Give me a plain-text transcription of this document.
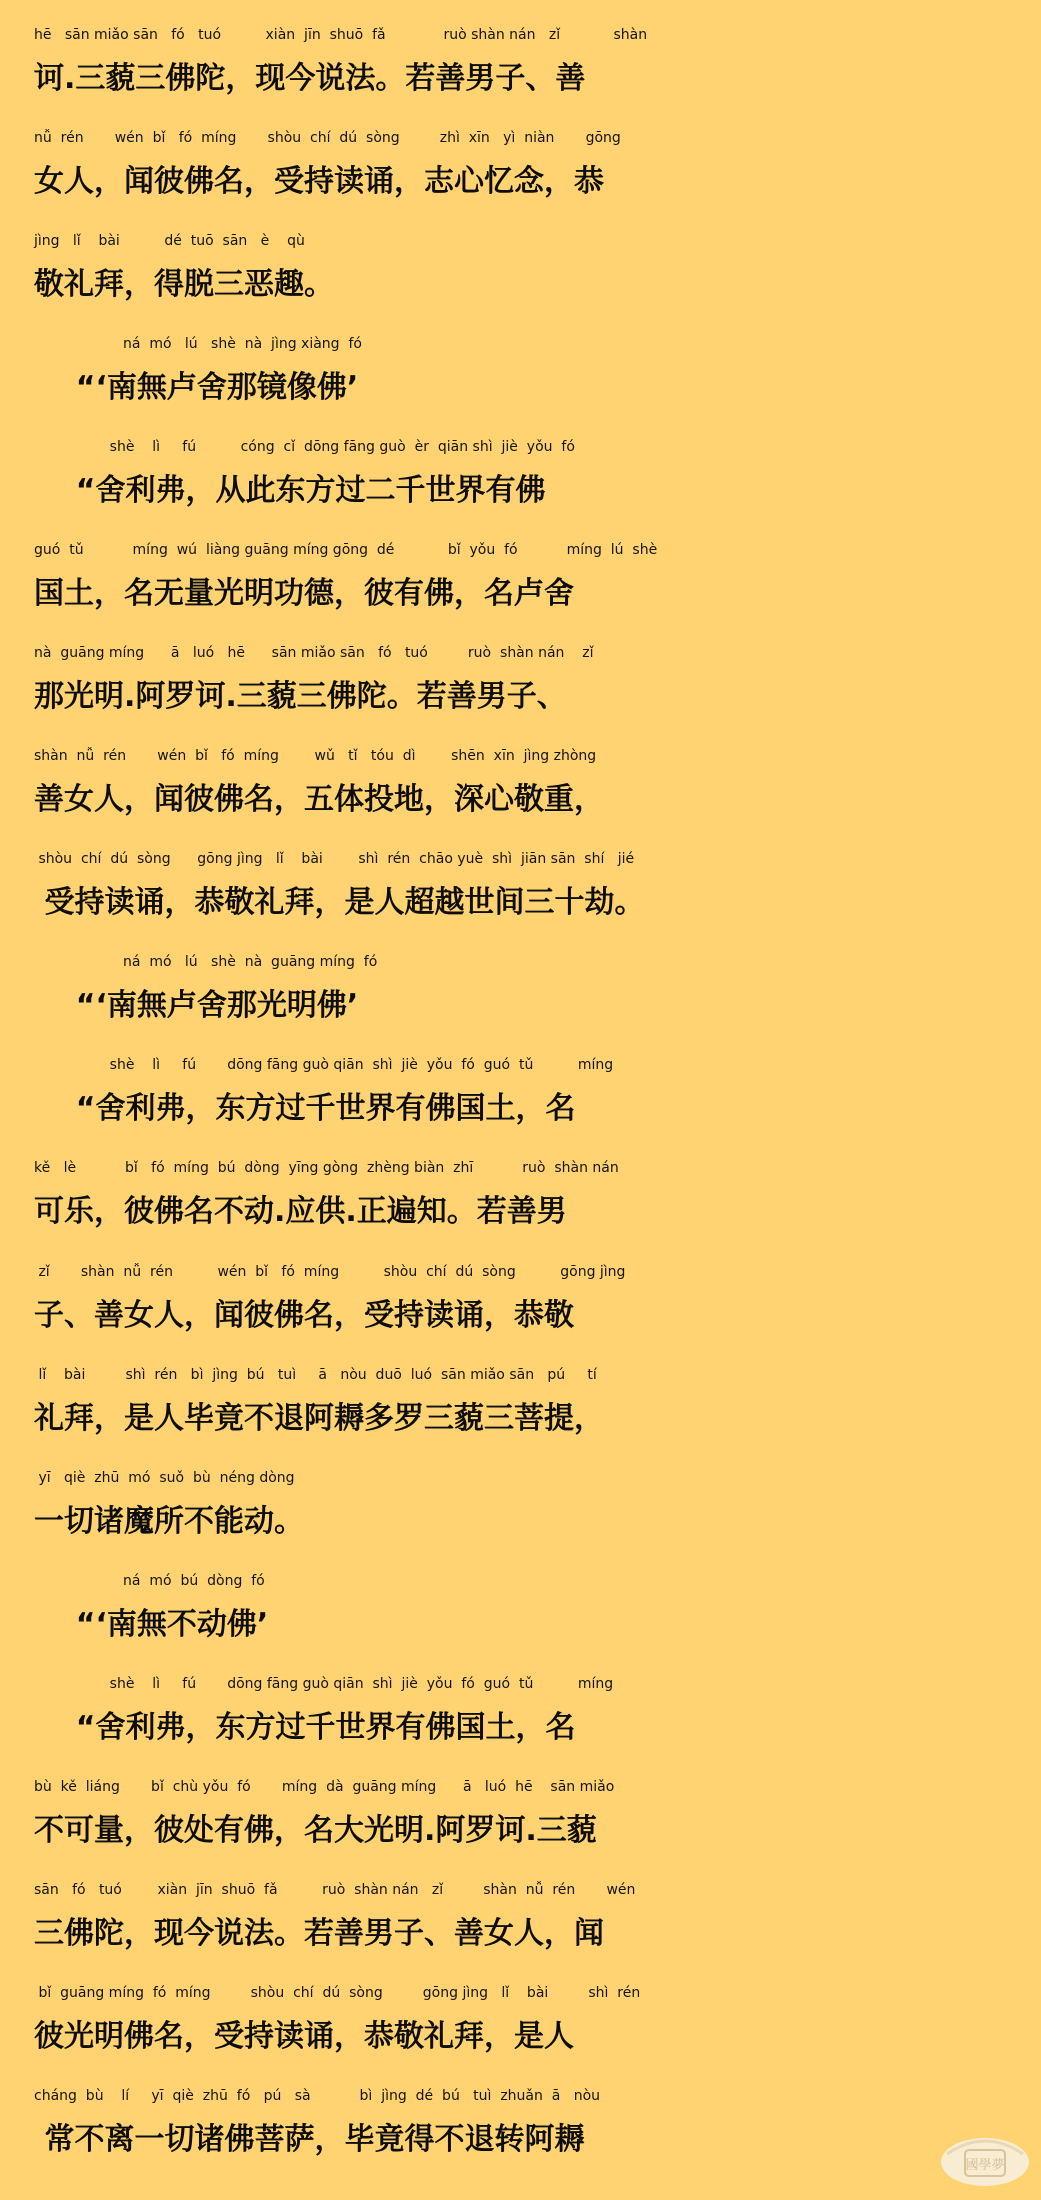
hē   sān miǎo sān   fó   tuó          xiàn  jīn  shuō  fǎ             ruò shàn nán   zǐ            shàn
诃.三藐三佛陀，现今说法。若善男子、善
nǚ  rén       wén  bǐ   fó  míng       shòu  chí  dú  sòng         zhì  xīn   yì  niàn       gōng
女人，闻彼佛名，受持读诵，志心忆念，恭
jìng   lǐ    bài          dé  tuō  sān   è    qù
敬礼拜，得脱三恶趣。
ná  mó   lú   shè  nà  jìng xiàng  fó
“‘南無卢舍那镜像佛’
shè    lì     fú          cóng  cǐ  dōng fāng guò  èr  qiān shì  jiè  yǒu  fó
“舍利弗，从此东方过二千世界有佛
guó  tǔ           míng  wú  liàng guāng míng gōng  dé            bǐ  yǒu  fó           míng  lú  shè
国土，名无量光明功德，彼有佛，名卢舍
nà  guāng míng      ā   luó   hē      sān miǎo sān   fó   tuó         ruò  shàn nán    zǐ
那光明.阿罗诃.三藐三佛陀。若善男子、
shàn  nǚ  rén       wén  bǐ   fó  míng        wǔ   tǐ   tóu  dì        shēn  xīn  jìng zhòng
善女人，闻彼佛名，五体投地，深心敬重，
shòu  chí  dú  sòng      gōng jìng   lǐ    bài        shì  rén  chāo yuè  shì  jiān sān  shí   jié
受持读诵，恭敬礼拜，是人超越世间三十劫。
ná  mó   lú   shè  nà  guāng míng  fó
“‘南無卢舍那光明佛’
shè    lì     fú       dōng fāng guò qiān  shì  jiè  yǒu  fó  guó  tǔ          míng
“舍利弗，东方过千世界有佛国土，名
kě   lè           bǐ   fó  míng  bú  dòng  yīng gòng  zhèng biàn  zhī           ruò  shàn nán
可乐，彼佛名不动.应供.正遍知。若善男
zǐ       shàn  nǚ  rén          wén  bǐ   fó  míng          shòu  chí  dú  sòng          gōng jìng
子、善女人，闻彼佛名，受持读诵，恭敬
lǐ    bài         shì  rén   bì  jìng  bú   tuì     ā   nòu  duō  luó  sān miǎo sān   pú     tí
礼拜，是人毕竟不退阿耨多罗三藐三菩提，
yī   qiè  zhū  mó  suǒ  bù  néng dòng
一切诸魔所不能动。
ná  mó  bú  dòng  fó
“‘南無不动佛’
shè    lì     fú       dōng fāng guò qiān  shì  jiè  yǒu  fó  guó  tǔ          míng
“舍利弗，东方过千世界有佛国土，名
bù  kě  liáng       bǐ  chù yǒu  fó       míng  dà  guāng míng      ā   luó  hē    sān miǎo
不可量，彼处有佛，名大光明.阿罗诃.三藐
sān   fó   tuó        xiàn  jīn  shuō  fǎ          ruò  shàn nán   zǐ         shàn  nǚ  rén       wén
三佛陀，现今说法。若善男子、善女人，闻
bǐ  guāng míng  fó  míng         shòu  chí  dú  sòng         gōng jìng   lǐ    bài         shì  rén
彼光明佛名，受持读诵，恭敬礼拜，是人
cháng  bù    lí     yī  qiè  zhū  fó   pú   sà           bì  jìng  dé  bú   tuì  zhuǎn  ā   nòu
常不离一切诸佛菩萨，毕竟得不退转阿耨
國學夢
